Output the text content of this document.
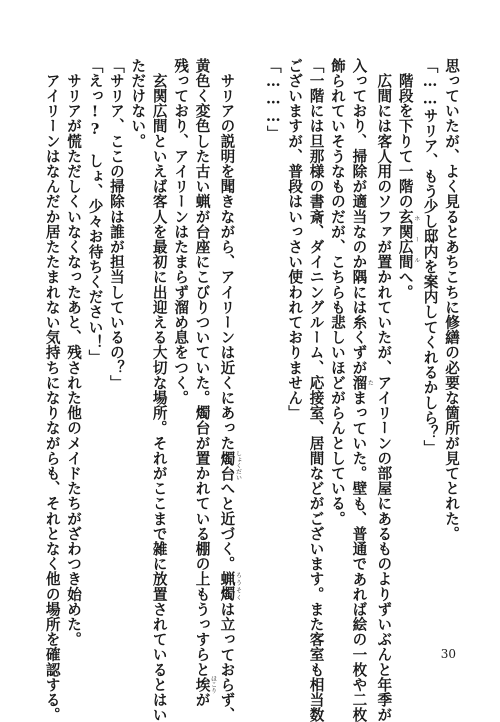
思っていたが、よく見るとあちこちに修繕の必要な箇所が見てとれた。
「……サリア、もう少し邸内を案内してくれるかしら？」
　階段を下りて一階の玄関広間 ホールへ。
　広間には客人用のソファが置かれていたが、アイリーンの部屋にあるものよりずいぶんと年季が
入っており、掃除が適当なのか隅には糸くずが溜 たまっていた。壁も、普通であれば絵の一枚や二枚
飾られていそうなものだが、こちらも悲しいほどがらんとしている。
「一階には旦那様の書斎、ダイニングルーム、応接室、居間などがございます。また客室も相当数
ございますが、普段はいっさい使われておりません」
「………」
　サリアの説明を聞きながら、アイリーンは近くにあった燭台 しょくだいへと近づく。蝋燭 ろうそくは立っておらず、
黄色く変色した古い蝋が台座にこびりついていた。燭台が置かれている棚の上もうっすらと埃 ほこりが
残っており、アイリーンはたまらず溜め息をつく。
　玄関広間といえば客人を最初に出迎える大切な場所。それがここまで雑に放置されているとはい
ただけない。
「サリア、ここの掃除は誰が担当しているの？」
「えっ!?　しょ、少々お待ちください！」
　サリアが慌ただしくいなくなったあと、残された他のメイドたちがざわつき始めた。
　アイリーンはなんだか居たたまれない気持ちになりながらも、それとなく他の場所を確認する。	30
